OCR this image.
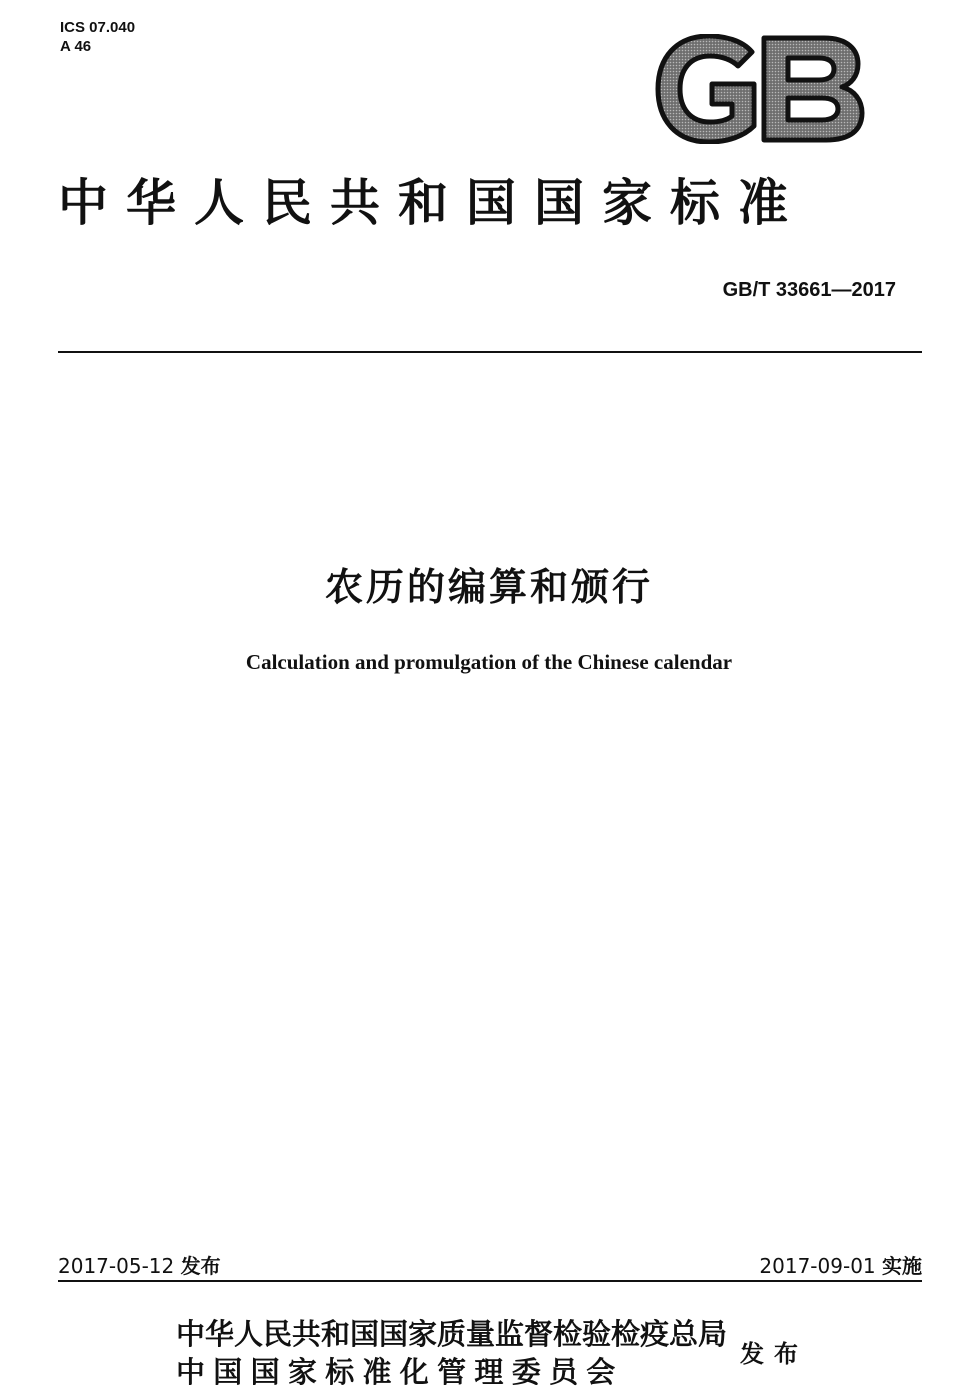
ICS 07.040
A 46
中华人民共和国国家标准
GB/T 33661—2017
农历的编算和颁行
Calculation and promulgation of the Chinese calendar
2017-05-12 发布	2017-09-01 实施
中华人民共和国国家质量监督检验检疫总局
中国国家标准化管理委员会
发布
